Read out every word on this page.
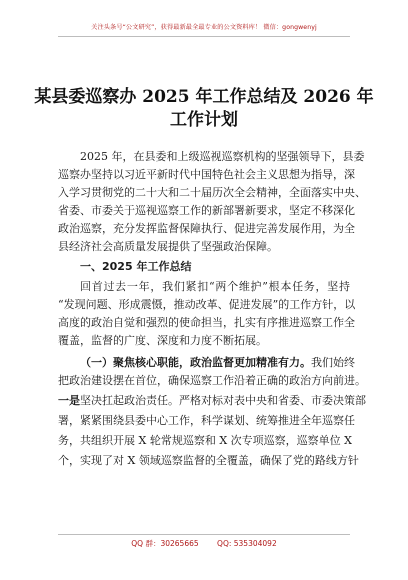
关注头条号“公文研究”，获得最新最全最专业的公文资料库！ 微信：gongwenyj
某县委巡察办 2025 年工作总结及 2026 年
工作计划
2025 年，在县委和上级巡视巡察机构的坚强领导下，县委
巡察办坚持以习近平新时代中国特色社会主义思想为指导，深
入学习贯彻党的二十大和二十届历次全会精神，全面落实中央、
省委、市委关于巡视巡察工作的新部署新要求，坚定不移深化
政治巡察，充分发挥监督保障执行、促进完善发展作用，为全
县经济社会高质量发展提供了坚强政治保障。
一、2025 年工作总结
回首过去一年，我们紧扣“两个维护”根本任务，坚持
“发现问题、形成震慑，推动改革、促进发展”的工作方针，以
高度的政治自觉和强烈的使命担当，扎实有序推进巡察工作全
覆盖，监督的广度、深度和力度不断拓展。
（一）聚焦核心职能，政治监督更加精准有力。我们始终
把政治建设摆在首位，确保巡察工作沿着正确的政治方向前进。
一是坚决扛起政治责任。严格对标对表中央和省委、市委决策部
署，紧紧围绕县委中心工作，科学谋划、统筹推进全年巡察任
务，共组织开展 X 轮常规巡察和 X 次专项巡察，巡察单位 X
个，实现了对 X 领域巡察监督的全覆盖，确保了党的路线方针
QQ 群：30265665 QQ: 535304092
